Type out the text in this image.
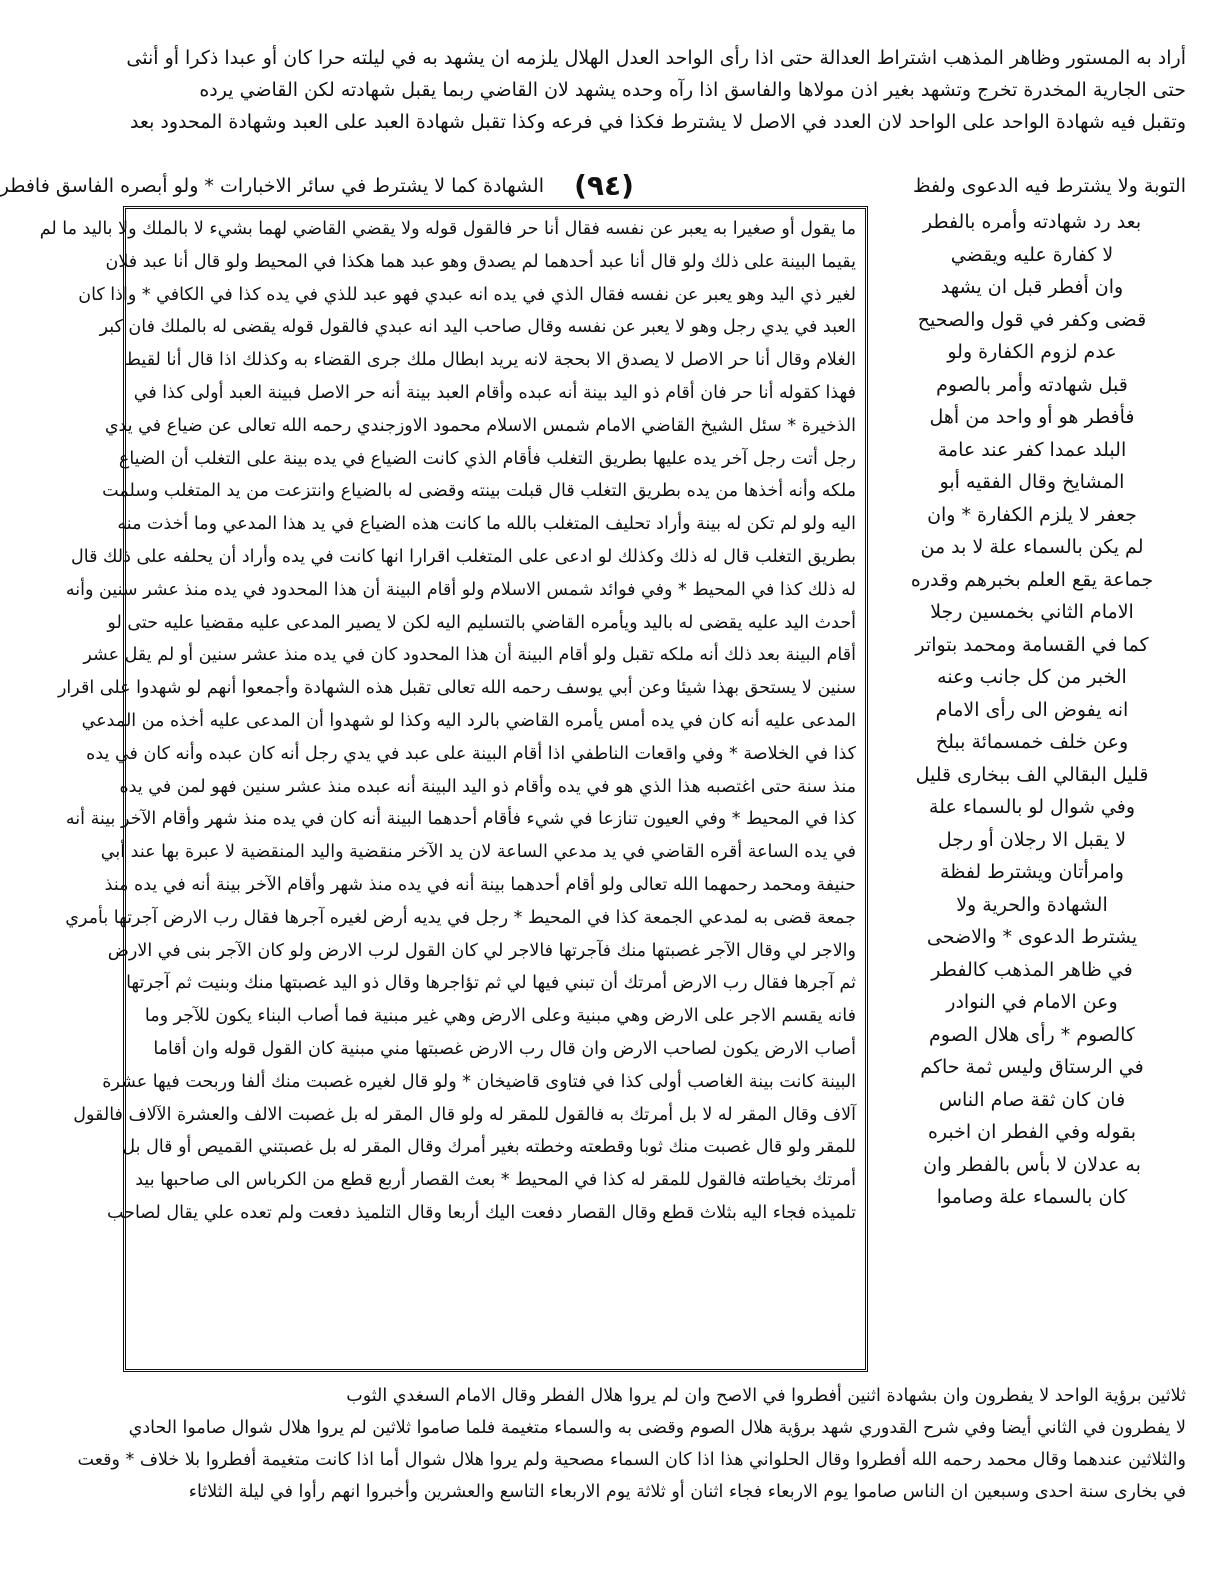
أراد به المستور وظاهر المذهب اشتراط العدالة حتى اذا رأى الواحد العدل الهلال يلزمه ان يشهد به في ليلته حرا كان أو عبدا ذكرا أو أنثى
حتى الجارية المخدرة تخرج وتشهد بغير اذن مولاها والفاسق اذا رآه وحده يشهد لان القاضي ربما يقبل شهادته لكن القاضي يرده
وتقبل فيه شهادة الواحد على الواحد لان العدد في الاصل لا يشترط فكذا في فرعه وكذا تقبل شهادة العبد على العبد وشهادة المحدود بعد
التوبة ولا يشترط فيه الدعوى ولفظ
(٩٤)
الشهادة كما لا يشترط في سائر الاخبارات * ولو أبصره الفاسق فافطر
بعد رد شهادته وأمره بالفطر
لا كفارة عليه ويقضي
وان أفطر قبل ان يشهد
قضى وكفر في قول والصحيح
عدم لزوم الكفارة ولو
قبل شهادته وأمر بالصوم
فأفطر هو أو واحد من أهل
البلد عمدا كفر عند عامة
المشايخ وقال الفقيه أبو
جعفر لا يلزم الكفارة * وان
لم يكن بالسماء علة لا بد من
جماعة يقع العلم بخبرهم وقدره
الامام الثاني بخمسين رجلا
كما في القسامة ومحمد بتواتر
الخبر من كل جانب وعنه
انه يفوض الى رأى الامام
وعن خلف خمسمائة ببلخ
قليل البقالي الف ببخارى قليل
وفي شوال لو بالسماء علة
لا يقبل الا رجلان أو رجل
وامرأتان ويشترط لفظة
الشهادة والحرية ولا
يشترط الدعوى * والاضحى
في ظاهر المذهب كالفطر
وعن الامام في النوادر
كالصوم * رأى هلال الصوم
في الرستاق وليس ثمة حاكم
فان كان ثقة صام الناس
بقوله وفي الفطر ان اخبره
به عدلان لا بأس بالفطر وان
كان بالسماء علة وصاموا
ما يقول أو صغيرا به يعبر عن نفسه فقال أنا حر فالقول قوله ولا يقضي القاضي لهما بشيء لا بالملك ولا باليد ما لم
يقيما البينة على ذلك ولو قال أنا عبد أحدهما لم يصدق وهو عبد هما هكذا في المحيط ولو قال أنا عبد فلان
لغير ذي اليد وهو يعبر عن نفسه فقال الذي في يده انه عبدي فهو عبد للذي في يده كذا في الكافي * واذا كان
العبد في يدي رجل وهو لا يعبر عن نفسه وقال صاحب اليد انه عبدي فالقول قوله يقضى له بالملك فان كبر
الغلام وقال أنا حر الاصل لا يصدق الا بحجة لانه يريد ابطال ملك جرى القضاء به وكذلك اذا قال أنا لقيط
فهذا كقوله أنا حر فان أقام ذو اليد بينة أنه عبده وأقام العبد بينة أنه حر الاصل فبينة العبد أولى كذا في
الذخيرة * سئل الشيخ القاضي الامام شمس الاسلام محمود الاوزجندي رحمه الله تعالى عن ضياع في يدي
رجل أتت رجل آخر يده عليها بطريق التغلب فأقام الذي كانت الضياع في يده بينة على التغلب أن الضياع
ملكه وأنه أخذها من يده بطريق التغلب قال قبلت بينته وقضى له بالضياع وانتزعت من يد المتغلب وسلمت
اليه ولو لم تكن له بينة وأراد تحليف المتغلب بالله ما كانت هذه الضياع في يد هذا المدعي وما أخذت منه
بطريق التغلب قال له ذلك وكذلك لو ادعى على المتغلب اقرارا انها كانت في يده وأراد أن يحلفه على ذلك قال
له ذلك كذا في المحيط * وفي فوائد شمس الاسلام ولو أقام البينة أن هذا المحدود في يده منذ عشر سنين وأنه
أحدث اليد عليه يقضى له باليد ويأمره القاضي بالتسليم اليه لكن لا يصير المدعى عليه مقضيا عليه حتى لو
أقام البينة بعد ذلك أنه ملكه تقبل ولو أقام البينة أن هذا المحدود كان في يده منذ عشر سنين أو لم يقل عشر
سنين لا يستحق بهذا شيئا وعن أبي يوسف رحمه الله تعالى تقبل هذه الشهادة وأجمعوا أنهم لو شهدوا على اقرار
المدعى عليه أنه كان في يده أمس يأمره القاضي بالرد اليه وكذا لو شهدوا أن المدعى عليه أخذه من المدعي
كذا في الخلاصة * وفي واقعات الناطفي اذا أقام البينة على عبد في يدي رجل أنه كان عبده وأنه كان في يده
منذ سنة حتى اغتصبه هذا الذي هو في يده وأقام ذو اليد البينة أنه عبده منذ عشر سنين فهو لمن في يده
كذا في المحيط * وفي العيون تنازعا في شيء فأقام أحدهما البينة أنه كان في يده منذ شهر وأقام الآخر بينة أنه
في يده الساعة أقره القاضي في يد مدعي الساعة لان يد الآخر منقضية واليد المنقضية لا عبرة بها عند أبي
حنيفة ومحمد رحمهما الله تعالى ولو أقام أحدهما بينة أنه في يده منذ شهر وأقام الآخر بينة أنه في يده منذ
جمعة قضى به لمدعي الجمعة كذا في المحيط * رجل في يديه أرض لغيره آجرها فقال رب الارض آجرتها بأمري
والاجر لي وقال الآجر غصبتها منك فآجرتها فالاجر لي كان القول لرب الارض ولو كان الآجر بنى في الارض
ثم آجرها فقال رب الارض أمرتك أن تبني فيها لي ثم تؤاجرها وقال ذو اليد غصبتها منك وبنيت ثم آجرتها
فانه يقسم الاجر على الارض وهي مبنية وعلى الارض وهي غير مبنية فما أصاب البناء يكون للآجر وما
أصاب الارض يكون لصاحب الارض وان قال رب الارض غصبتها مني مبنية كان القول قوله وان أقاما
البينة كانت بينة الغاصب أولى كذا في فتاوى قاضيخان * ولو قال لغيره غصبت منك ألفا وربحت فيها عشرة
آلاف وقال المقر له لا بل أمرتك به فالقول للمقر له ولو قال المقر له بل غصبت الالف والعشرة الآلاف فالقول
للمقر ولو قال غصبت منك ثوبا وقطعته وخطته بغير أمرك وقال المقر له بل غصبتني القميص أو قال بل
أمرتك بخياطته فالقول للمقر له كذا في المحيط * بعث القصار أربع قطع من الكرباس الى صاحبها بيد
تلميذه فجاء اليه بثلاث قطع وقال القصار دفعت اليك أربعا وقال التلميذ دفعت ولم تعده علي يقال لصاحب
ثلاثين برؤية الواحد لا يفطرون وان بشهادة اثنين أفطروا في الاصح وان لم يروا هلال الفطر وقال الامام السغدي الثوب
لا يفطرون في الثاني أيضا وفي شرح القدوري شهد برؤية هلال الصوم وقضى به والسماء متغيمة فلما صاموا ثلاثين لم يروا هلال شوال صاموا الحادي
والثلاثين عندهما وقال محمد رحمه الله أفطروا وقال الحلواني هذا اذا كان السماء مصحية ولم يروا هلال شوال أما اذا كانت متغيمة أفطروا بلا خلاف * وقعت
في بخارى سنة احدى وسبعين ان الناس صاموا يوم الاربعاء فجاء اثنان أو ثلاثة يوم الاربعاء التاسع والعشرين وأخبروا انهم رأوا في ليلة الثلاثاء
